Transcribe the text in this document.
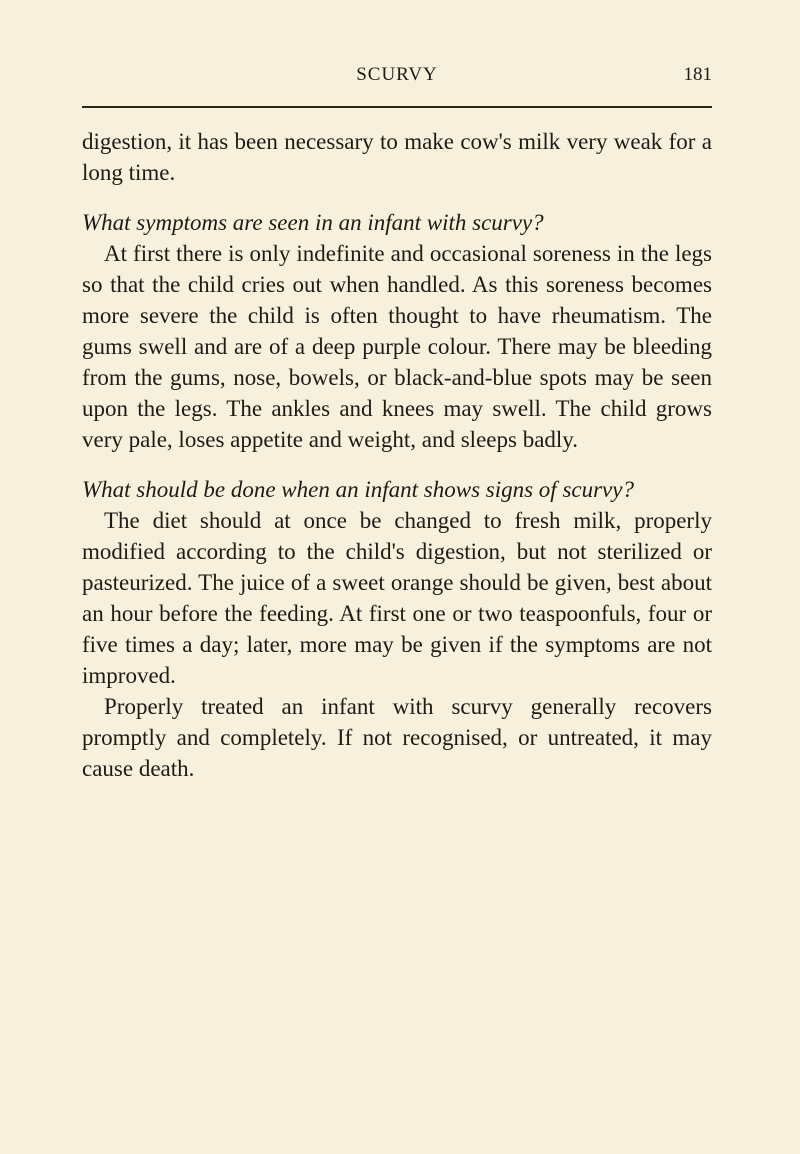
SCURVY	181

digestion, it has been necessary to make cow's milk very weak for a long time.

What symptoms are seen in an infant with scurvy?

At first there is only indefinite and occasional soreness in the legs so that the child cries out when handled. As this soreness becomes more severe the child is often thought to have rheumatism. The gums swell and are of a deep purple colour. There may be bleeding from the gums, nose, bowels, or black-and-blue spots may be seen upon the legs. The ankles and knees may swell. The child grows very pale, loses appetite and weight, and sleeps badly.

What should be done when an infant shows signs of scurvy?

The diet should at once be changed to fresh milk, properly modified according to the child's digestion, but not sterilized or pasteurized. The juice of a sweet orange should be given, best about an hour before the feeding. At first one or two teaspoonfuls, four or five times a day; later, more may be given if the symptoms are not improved.

Properly treated an infant with scurvy generally recovers promptly and completely. If not recognised, or untreated, it may cause death.
